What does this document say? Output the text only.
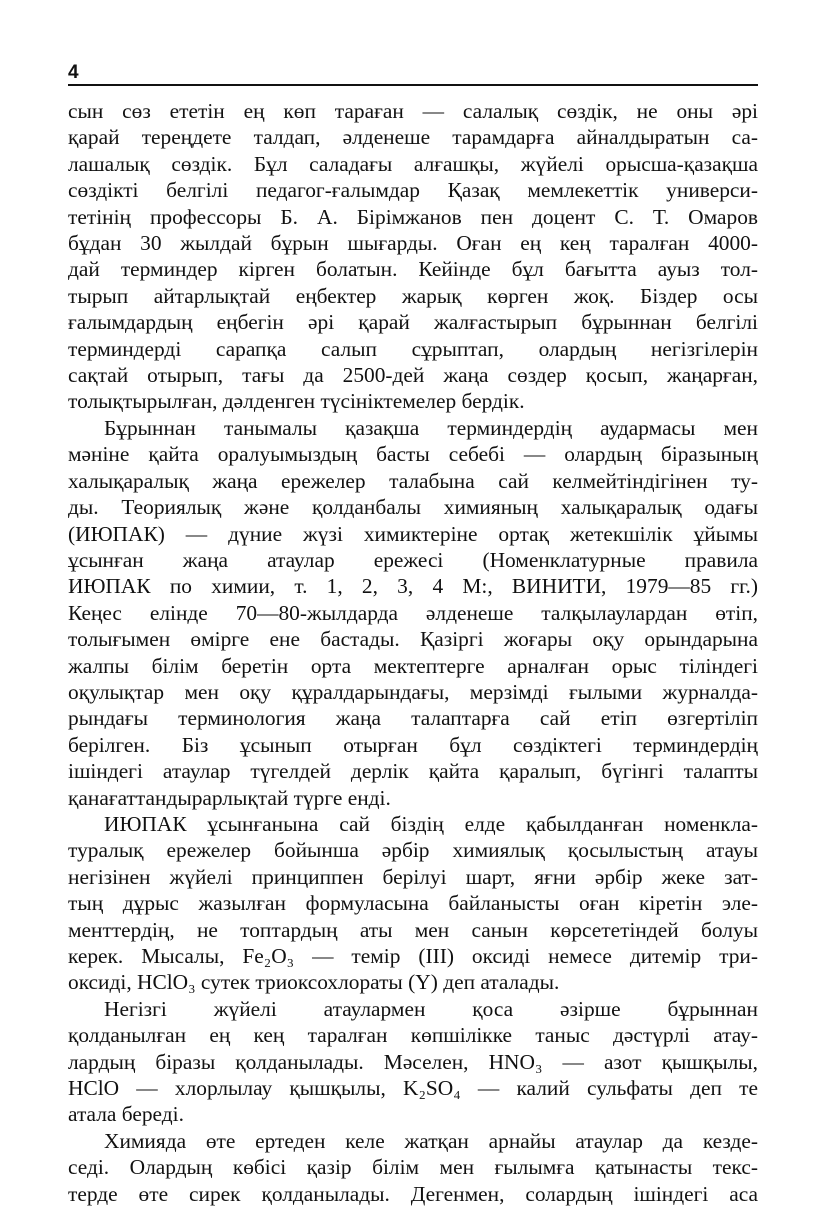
4
сын сөз ететін ең көп тараған — салалық сөздік, не оны әрі
қарай тереңдете талдап, әлденеше тарамдарға айналдыратын са-
лашалық сөздік. Бұл саладағы алғашқы, жүйелі орысша-қазақша
сөздікті белгілі педагог-ғалымдар Қазақ мемлекеттік универси-
тетінің профессоры Б. А. Бірімжанов пен доцент С. Т. Омаров
бұдан 30 жылдай бұрын шығарды. Оған ең кең таралған 4000-
дай терминдер кірген болатын. Кейінде бұл бағытта ауыз тол-
тырып айтарлықтай еңбектер жарық көрген жоқ. Біздер осы
ғалымдардың еңбегін әрі қарай жалғастырып бұрыннан белгілі
терминдерді сарапқа салып сұрыптап, олардың негізгілерін
сақтай отырып, тағы да 2500-дей жаңа сөздер қосып, жаңарған,
толықтырылған, дәлденген түсініктемелер бердік.
Бұрыннан танымалы қазақша терминдердің аудармасы мен
мәніне қайта оралуымыздың басты себебі — олардың біразының
халықаралық жаңа ережелер талабына сай келмейтіндігінен ту-
ды. Теориялық және қолданбалы химияның халықаралық одағы
(ИЮПАК) — дүние жүзі химиктеріне ортақ жетекшілік ұйымы
ұсынған жаңа атаулар ережесі (Номенклатурные правила
ИЮПАК по химии, т. 1, 2, 3, 4 М:, ВИНИТИ, 1979—85 гг.)
Кеңес елінде 70—80-жылдарда әлденеше талқылаулардан өтіп,
толығымен өмірге ене бастады. Қазіргі жоғары оқу орындарына
жалпы білім беретін орта мектептерге арналған орыс тіліндегі
оқулықтар мен оқу құралдарындағы, мерзімді ғылыми журналда-
рындағы терминология жаңа талаптарға сай етіп өзгертіліп
берілген. Біз ұсынып отырған бұл сөздіктегі терминдердің
ішіндегі атаулар түгелдей дерлік қайта қаралып, бүгінгі талапты
қанағаттандырарлықтай түрге енді.
ИЮПАК ұсынғанына сай біздің елде қабылданған номенкла-
туралық ережелер бойынша әрбір химиялық қосылыстың атауы
негізінен жүйелі принциппен берілуі шарт, яғни әрбір жеке зат-
тың дұрыс жазылған формуласына байланысты оған кіретін эле-
менттердің, не топтардың аты мен санын көрсететіндей болуы
керек. Мысалы, Fe₂O₃ — темір (III) оксиді немесе дитемір три-
оксиді, HClO₃ сутек триоксохлораты (Y) деп аталады.
Негізгі жүйелі атаулармен қоса әзірше бұрыннан
қолданылған ең кең таралған көпшілікке таныс дәстүрлі атау-
лардың біразы қолданылады. Мәселен, HNO₃ — азот қышқылы,
HClO — хлорлылау қышқылы, K₂SO₄ — калий сульфаты деп те
атала береді.
Химияда өте ертеден келе жатқан арнайы атаулар да кезде-
седі. Олардың көбісі қазір білім мен ғылымға қатынасты текс-
терде өте сирек қолданылады. Дегенмен, солардың ішіндегі аса
